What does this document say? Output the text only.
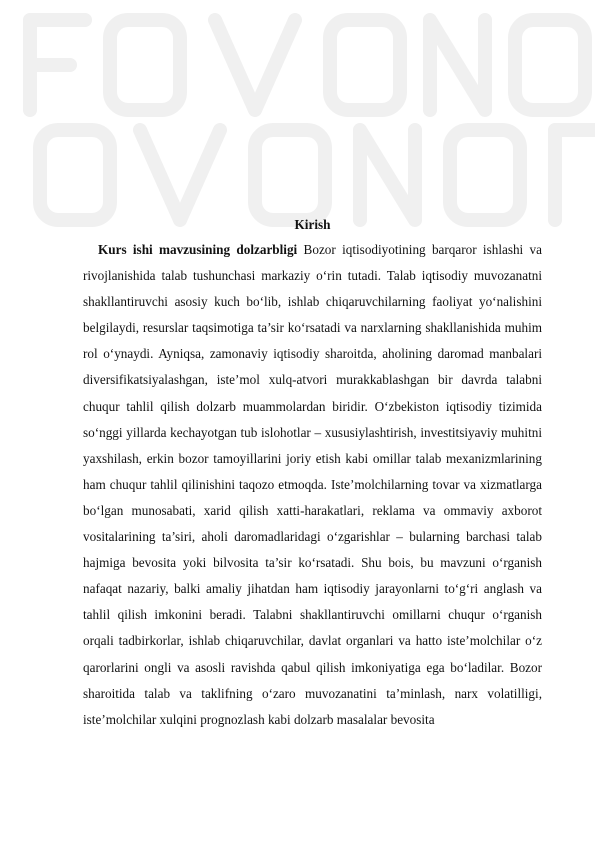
Kirish

Kurs ishi mavzusining dolzarbligi Bozor iqtisodiyotining barqaror ishlashi va rivojlanishida talab tushunchasi markaziy o‘rin tutadi. Talab iqtisodiy muvozanatni shakllantiruvchi asosiy kuch bo‘lib, ishlab chiqaruvchilarning faoliyat yo‘nalishini belgilaydi, resurslar taqsimotiga ta’sir ko‘rsatadi va narxlarning shakllanishida muhim rol o‘ynaydi. Ayniqsa, zamonaviy iqtisodiy sharoitda, aholining daromad manbalari diversifikatsiyalashgan, iste’mol xulq-atvori murakkablashgan bir davrda talabni chuqur tahlil qilish dolzarb muammolardan biridir. O‘zbekiston iqtisodiy tizimida so‘nggi yillarda kechayotgan tub islohotlar – xususiylashtirish, investitsiyaviy muhitni yaxshilash, erkin bozor tamoyillarini joriy etish kabi omillar talab mexanizmlarining ham chuqur tahlil qilinishini taqozo etmoqda. Iste’molchilarning tovar va xizmatlarga bo‘lgan munosabati, xarid qilish xatti-harakatlari, reklama va ommaviy axborot vositalarining ta’siri, aholi daromadlaridagi o‘zgarishlar – bularning barchasi talab hajmiga bevosita yoki bilvosita ta’sir ko‘rsatadi. Shu bois, bu mavzuni o‘rganish nafaqat nazariy, balki amaliy jihatdan ham iqtisodiy jarayonlarni to‘g‘ri anglash va tahlil qilish imkonini beradi. Talabni shakllantiruvchi omillarni chuqur o‘rganish orqali tadbirkorlar, ishlab chiqaruvchilar, davlat organlari va hatto iste’molchilar o‘z qarorlarini ongli va asosli ravishda qabul qilish imkoniyatiga ega bo‘ladilar. Bozor sharoitida talab va taklifning o‘zaro muvozanatini ta’minlash, narx volatilligi, iste’molchilar xulqini prognozlash kabi dolzarb masalalar bevosita
